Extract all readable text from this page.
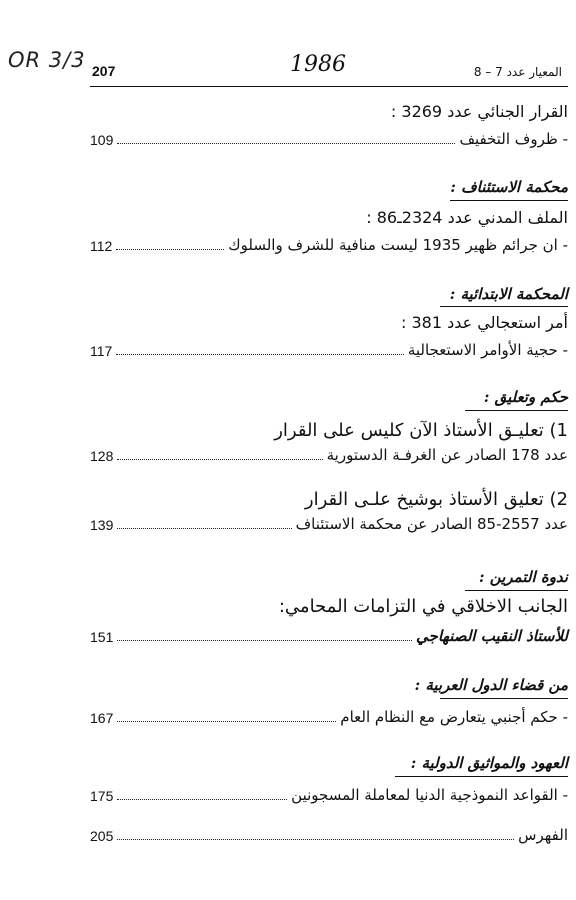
OR 3/3 207	1986	المعيار عدد 7 – 8
القرار الجنائي عدد 3269 :
109	- ظروف التخفيف
محكمة الاستئناف :
الملف المدني عدد 2324ـ86 :
112	- ان جرائم ظهير 1935 ليست منافية للشرف والسلوك
المحكمة الابتدائية :
أمر استعجالي عدد 381 :
117	- حجية الأوامر الاستعجالية
حكم وتعليق :
1) تعليـق الأستاذ الآن كليس على القرار
128	عدد 178 الصادر عن الغرفـة الدستورية
2) تعليق الأستاذ بوشيخ علـى القرار
139	عدد 2557-85 الصادر عن محكمة الاستئناف
ندوة التمرين :
الجانب الاخلاقي في التزامات المحامي:
151	للأستاذ النقيب الصنهاجي
من قضاء الدول العربية :
167	- حكم أجنبي يتعارض مع النظام العام
العهود والمواثيق الدولية :
175	- القواعد النموذجية الدنيا لمعاملة المسجونين
205	الفهرس
